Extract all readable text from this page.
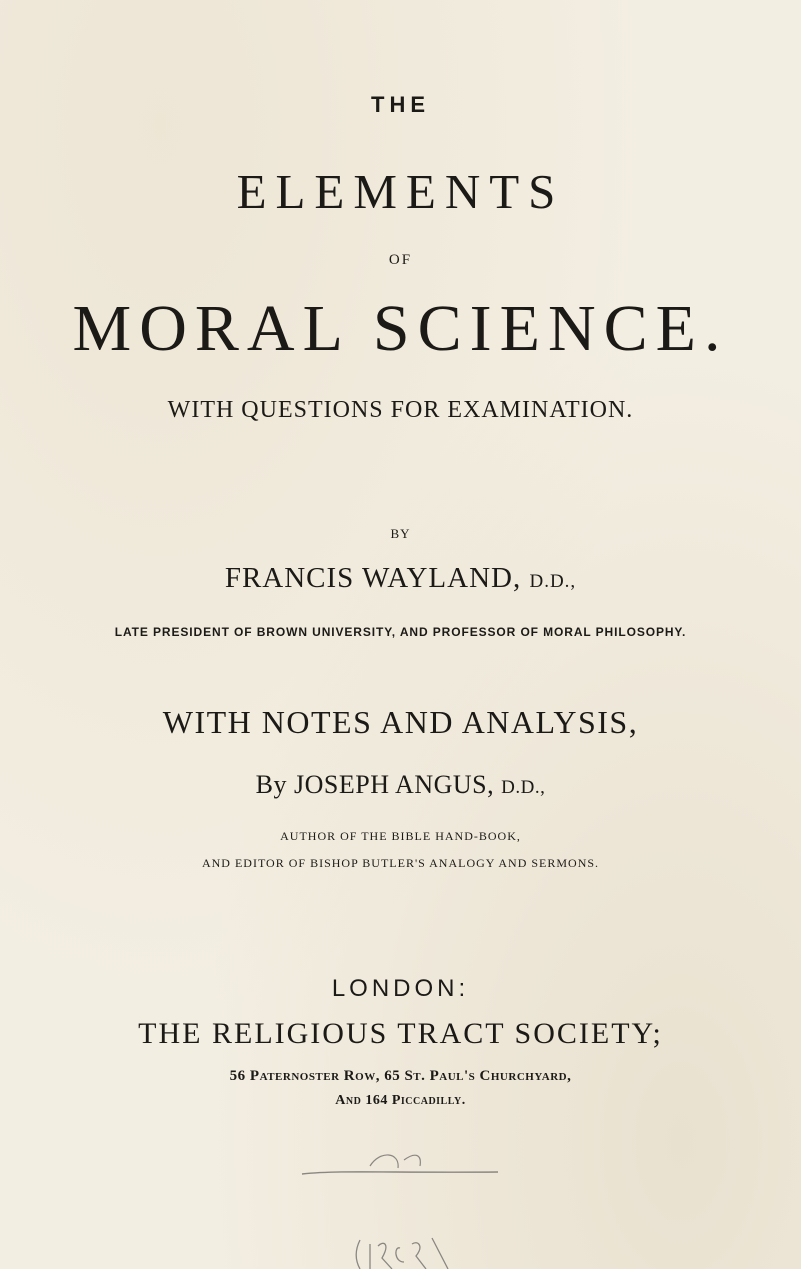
THE

ELEMENTS

OF

MORAL SCIENCE.

WITH QUESTIONS FOR EXAMINATION.

BY

FRANCIS WAYLAND, D.D.,

LATE PRESIDENT OF BROWN UNIVERSITY, AND PROFESSOR OF MORAL PHILOSOPHY.

WITH NOTES AND ANALYSIS,

By JOSEPH ANGUS, D.D.,

AUTHOR OF THE BIBLE HAND-BOOK,

AND EDITOR OF BISHOP BUTLER'S ANALOGY AND SERMONS.

LONDON:

THE RELIGIOUS TRACT SOCIETY;

56 Paternoster Row, 65 St. Paul's Churchyard,

And 164 Piccadilly.
